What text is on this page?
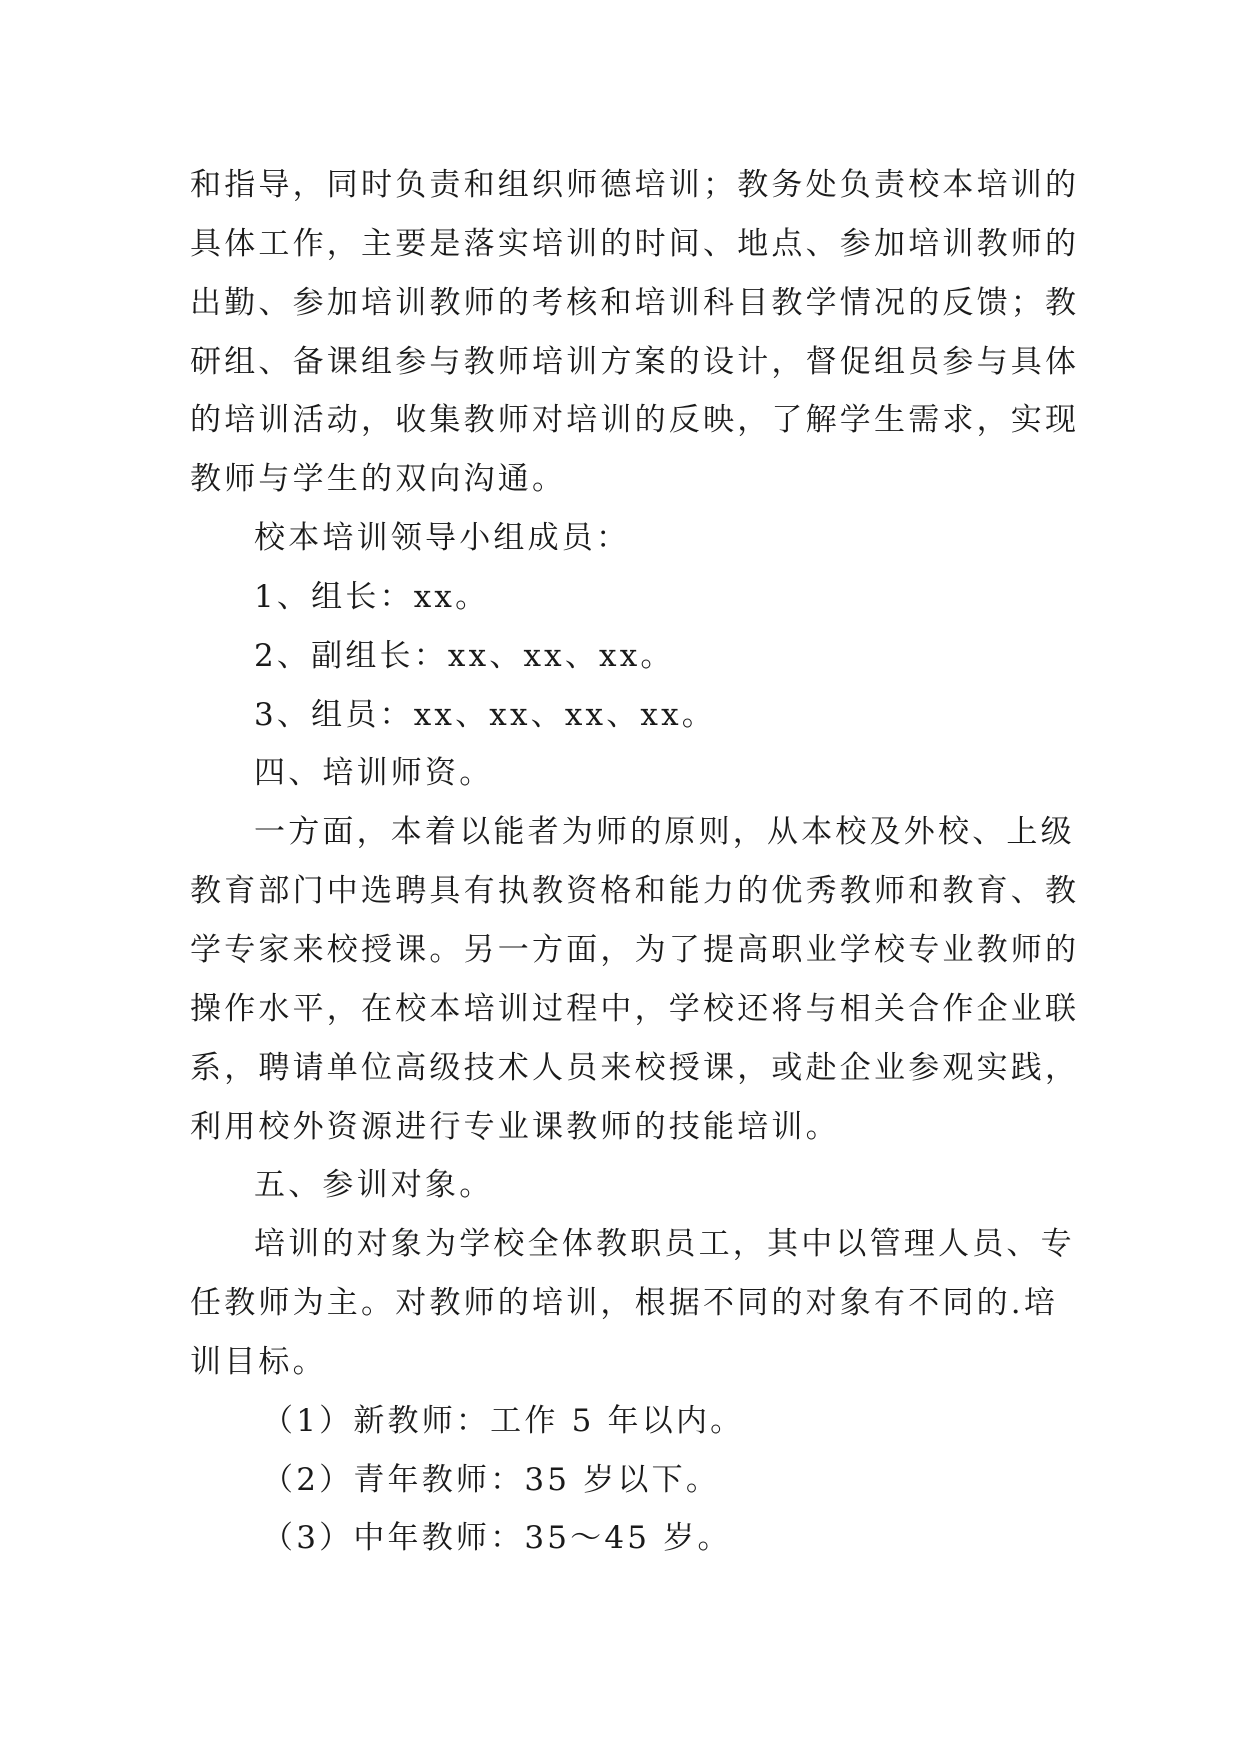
和指导，同时负责和组织师德培训；教务处负责校本培训的
具体工作，主要是落实培训的时间、地点、参加培训教师的
出勤、参加培训教师的考核和培训科目教学情况的反馈；教
研组、备课组参与教师培训方案的设计，督促组员参与具体
的培训活动，收集教师对培训的反映，了解学生需求，实现
教师与学生的双向沟通。
校本培训领导小组成员：
1、组长：xx。
2、副组长：xx、xx、xx。
3、组员：xx、xx、xx、xx。
四、培训师资。
一方面，本着以能者为师的原则，从本校及外校、上级
教育部门中选聘具有执教资格和能力的优秀教师和教育、教
学专家来校授课。另一方面，为了提高职业学校专业教师的
操作水平，在校本培训过程中，学校还将与相关合作企业联
系，聘请单位高级技术人员来校授课，或赴企业参观实践，
利用校外资源进行专业课教师的技能培训。
五、参训对象。
培训的对象为学校全体教职员工，其中以管理人员、专
任教师为主。对教师的培训，根据不同的对象有不同的.培
训目标。
（1）新教师：工作 5 年以内。
（2）青年教师：35 岁以下。
（3）中年教师：35～45 岁。
